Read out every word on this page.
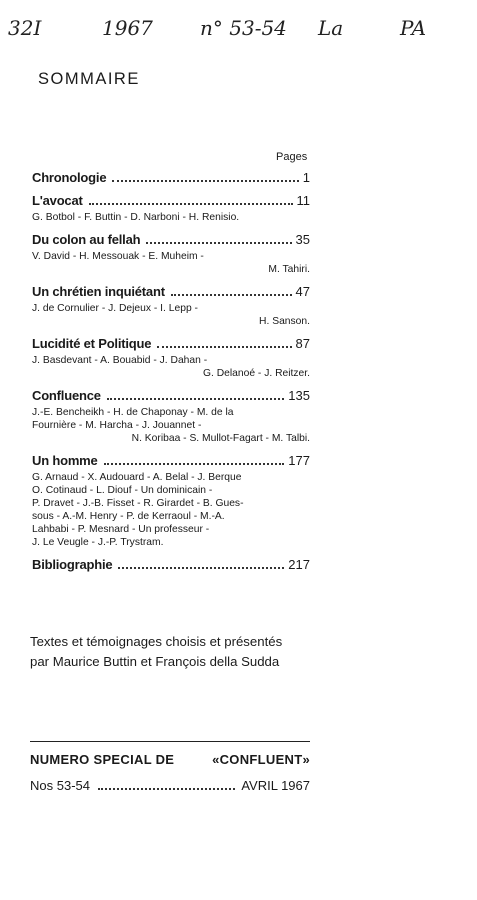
32I	1967 n° 53-54 La	PA
SOMMAIRE
Pages
Chronologie	1
L'avocat	11
G. Botbol - F. Buttin - D. Narboni - H. Renisio.
Du colon au fellah	35
V. David - H. Messouak - E. Muheim -
M. Tahiri.
Un chrétien inquiétant	47
J. de Cornulier - J. Dejeux - I. Lepp -
H. Sanson.
Lucidité et Politique	87
J. Basdevant - A. Bouabid - J. Dahan -
G. Delanoé - J. Reitzer.
Confluence	135
J.-E. Bencheikh - H. de Chaponay - M. de la
Fournière - M. Harcha - J. Jouannet -
N. Koribaa - S. Mullot-Fagart - M. Talbi.
Un homme	177
G. Arnaud - X. Audouard - A. Belal - J. Berque
O. Cotinaud - L. Diouf - Un dominicain -
P. Dravet - J.-B. Fisset - R. Girardet - B. Gues-
sous - A.-M. Henry - P. de Kerraoul - M.-A.
Lahbabi - P. Mesnard - Un professeur -
J. Le Veugle - J.-P. Trystram.
Bibliographie	217
Textes et témoignages choisis et présentés
par Maurice Buttin et François della Sudda
NUMERO SPECIAL DE	«CONFLUENT»
Nos 53-54	AVRIL 1967
